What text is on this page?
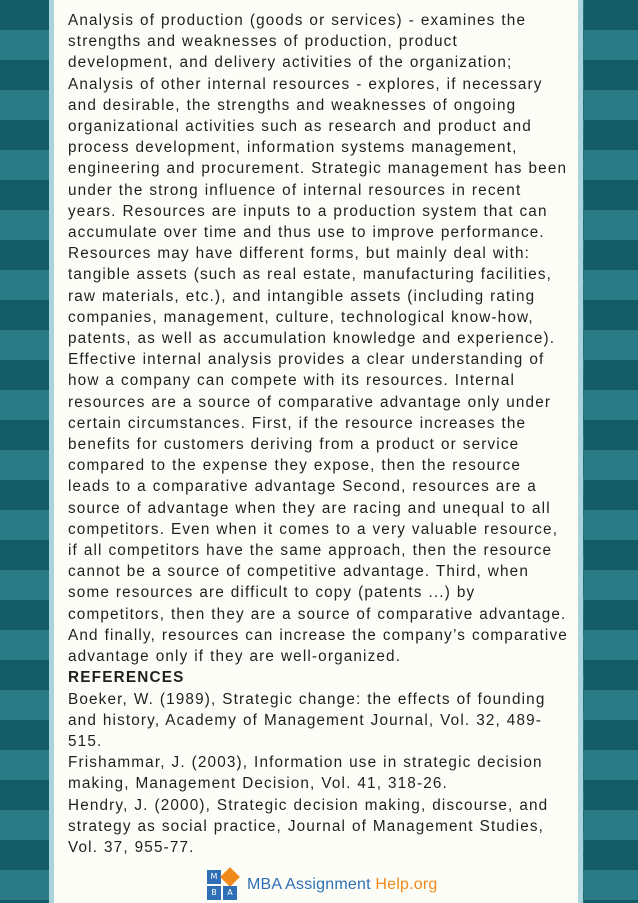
Analysis of production (goods or services) - examines the strengths and weaknesses of production, product development, and delivery activities of the organization; Analysis of other internal resources - explores, if necessary and desirable, the strengths and weaknesses of ongoing organizational activities such as research and product and process development, information systems management, engineering and procurement. Strategic management has been under the strong influence of internal resources in recent years. Resources are inputs to a production system that can accumulate over time and thus use to improve performance. Resources may have different forms, but mainly deal with: tangible assets (such as real estate, manufacturing facilities, raw materials, etc.), and intangible assets (including rating companies, management, culture, technological know-how, patents, as well as accumulation knowledge and experience). Effective internal analysis provides a clear understanding of how a company can compete with its resources. Internal resources are a source of comparative advantage only under certain circumstances. First, if the resource increases the benefits for customers deriving from a product or service compared to the expense they expose, then the resource leads to a comparative advantage Second, resources are a source of advantage when they are racing and unequal to all competitors. Even when it comes to a very valuable resource, if all competitors have the same approach, then the resource cannot be a source of competitive advantage. Third, when some resources are difficult to copy (patents ...) by competitors, then they are a source of comparative advantage. And finally, resources can increase the company’s comparative advantage only if they are well-organized.

REFERENCES

Boeker, W. (1989), Strategic change: the effects of founding and history, Academy of Management Journal, Vol. 32, 489-515.

Frishammar, J. (2003), Information use in strategic decision making, Management Decision, Vol. 41, 318-26.

Hendry, J. (2000), Strategic decision making, discourse, and strategy as social practice, Journal of Management Studies, Vol. 37, 955-77.

M
B	A MBA Assignment Help.org
